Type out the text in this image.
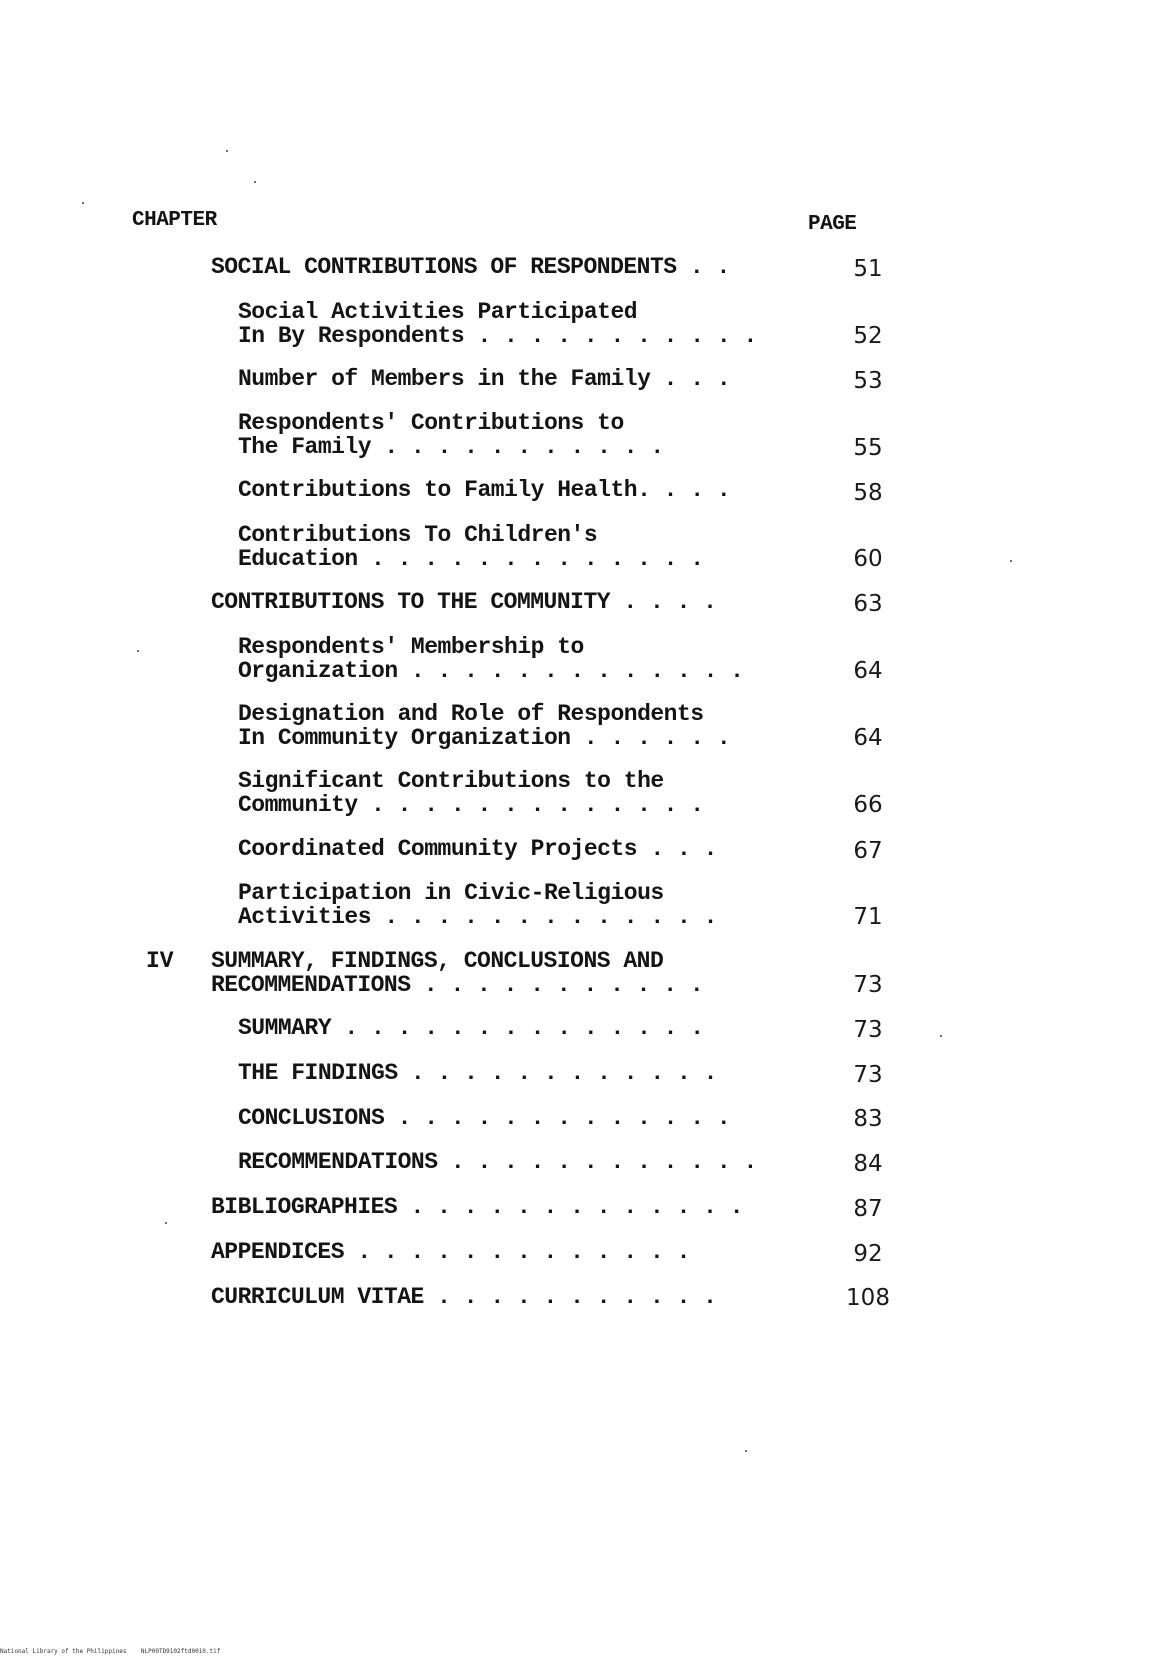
CHAPTER	PAGE
SOCIAL CONTRIBUTIONS OF RESPONDENTS . .	51
Social Activities Participated
In By Respondents . . . . . . . . . . .	52
Number of Members in the Family . . .	53
Respondents' Contributions to
The Family . . . . . . . . . . .	55
Contributions to Family Health. . . .	58
Contributions To Children's
Education . . . . . . . . . . . . .	60
CONTRIBUTIONS TO THE COMMUNITY . . . .	63
Respondents' Membership to
Organization . . . . . . . . . . . . .	64
Designation and Role of Respondents
In Community Organization . . . . . .	64
Significant Contributions to the
Community . . . . . . . . . . . . .	66
Coordinated Community Projects . . .	67
Participation in Civic-Religious
Activities . . . . . . . . . . . . .	71
IV SUMMARY, FINDINGS, CONCLUSIONS AND
RECOMMENDATIONS . . . . . . . . . . .	73
SUMMARY . . . . . . . . . . . . . .	73
THE FINDINGS . . . . . . . . . . . .	73
CONCLUSIONS . . . . . . . . . . . . .	83
RECOMMENDATIONS . . . . . . . . . . . .	84
BIBLIOGRAPHIES . . . . . . . . . . . . .	87
APPENDICES . . . . . . . . . . . . .	92
CURRICULUM VITAE . . . . . . . . . . .	108
National Library of the Philippines NLP00TD9102ftd0010.tif
